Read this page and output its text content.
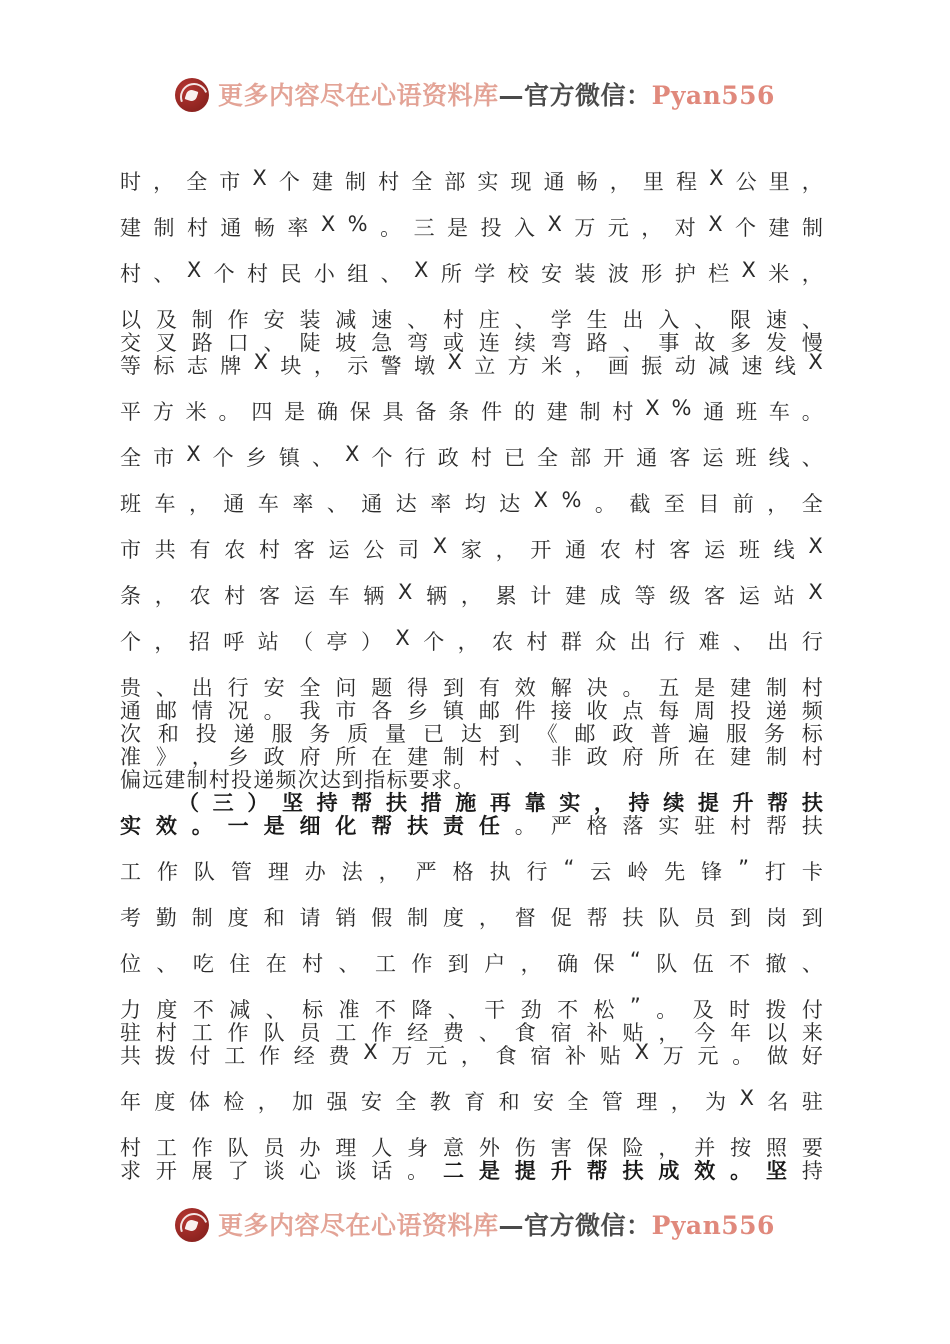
更多内容尽在心语资料库—官方微信：Pyan556
时 ， 全 市 X 个 建 制 村 全 部 实 现 通 畅 ， 里 程 X 公 里 ，
建 制 村 通 畅 率 X % 。 三 是 投 入 X 万 元 ， 对 X 个 建 制
村 、 X 个 村 民 小 组 、 X 所 学 校 安 装 波 形 护 栏 X 米 ，
以 及 制 作 安 装 减 速 、 村 庄 、 学 生 出 入 、 限 速 、
交 叉 路 口 、 陡 坡 急 弯 或 连 续 弯 路 、 事 故 多 发 慢
等 标 志 牌 X 块 ， 示 警 墩 X 立 方 米 ， 画 振 动 减 速 线 X
平 方 米 。 四 是 确 保 具 备 条 件 的 建 制 村 X % 通 班 车 。
全 市 X 个 乡 镇 、 X 个 行 政 村 已 全 部 开 通 客 运 班 线 、
班 车 ， 通 车 率 、 通 达 率 均 达 X % 。 截 至 目 前 ， 全
市 共 有 农 村 客 运 公 司 X 家 ， 开 通 农 村 客 运 班 线 X
条 ， 农 村 客 运 车 辆 X 辆 ， 累 计 建 成 等 级 客 运 站 X
个 ， 招 呼 站 （ 亭 ） X 个 ， 农 村 群 众 出 行 难 、 出 行
贵 、 出 行 安 全 问 题 得 到 有 效 解 决 。 五 是 建 制 村
通 邮 情 况 。 我 市 各 乡 镇 邮 件 接 收 点 每 周 投 递 频
次 和 投 递 服 务 质 量 已 达 到 《 邮 政 普 遍 服 务 标
准 》 ， 乡 政 府 所 在 建 制 村 、 非 政 府 所 在 建 制 村
偏远建制村投递频次达到指标要求。
（ 三 ） 坚 持 帮 扶 措 施 再 靠 实 ， 持 续 提 升 帮 扶
实 效 。 一 是 细 化 帮 扶 责 任 。 严 格 落 实 驻 村 帮 扶
工 作 队 管 理 办 法 ， 严 格 执 行 “ 云 岭 先 锋 ” 打 卡
考 勤 制 度 和 请 销 假 制 度 ， 督 促 帮 扶 队 员 到 岗 到
位 、 吃 住 在 村 、 工 作 到 户 ， 确 保 “ 队 伍 不 撤 、
力 度 不 减 、 标 准 不 降 、 干 劲 不 松 ” 。 及 时 拨 付
驻 村 工 作 队 员 工 作 经 费 、 食 宿 补 贴 ， 今 年 以 来
共 拨 付 工 作 经 费 X 万 元 ， 食 宿 补 贴 X 万 元 。 做 好
年 度 体 检 ， 加 强 安 全 教 育 和 安 全 管 理 ， 为 X 名 驻
村 工 作 队 员 办 理 人 身 意 外 伤 害 保 险 ， 并 按 照 要
求 开 展 了 谈 心 谈 话 。 二 是 提 升 帮 扶 成 效 。 坚 持
更多内容尽在心语资料库—官方微信：Pyan556
